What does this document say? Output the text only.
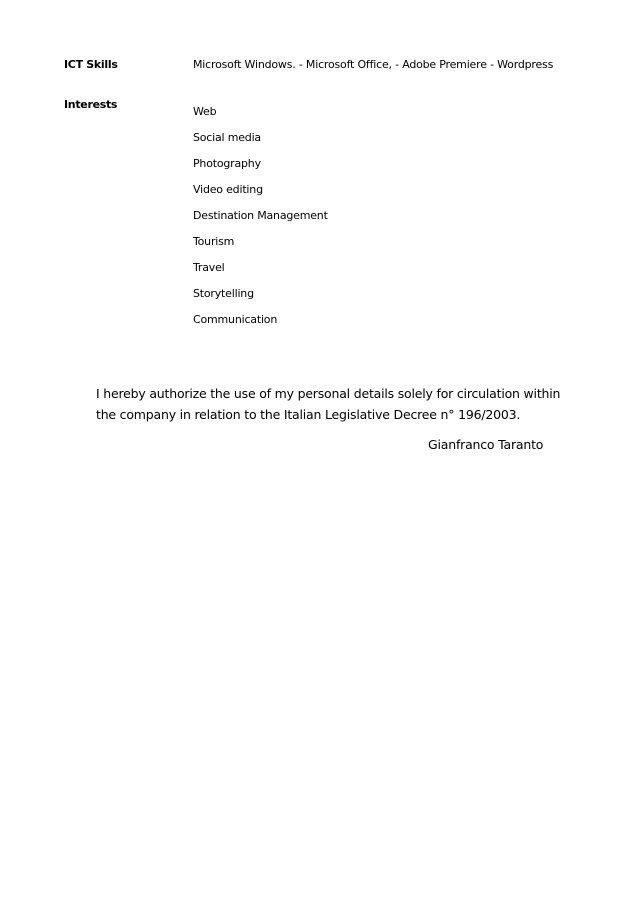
ICT Skills	Microsoft Windows. - Microsoft Office, - Adobe Premiere - Wordpress
Interests
Web
Social media
Photography
Video editing
Destination Management
Tourism
Travel
Storytelling
Communication

I hereby authorize the use of my personal details solely for circulation within

the company in relation to the Italian Legislative Decree n° 196/2003.

Gianfranco Taranto
